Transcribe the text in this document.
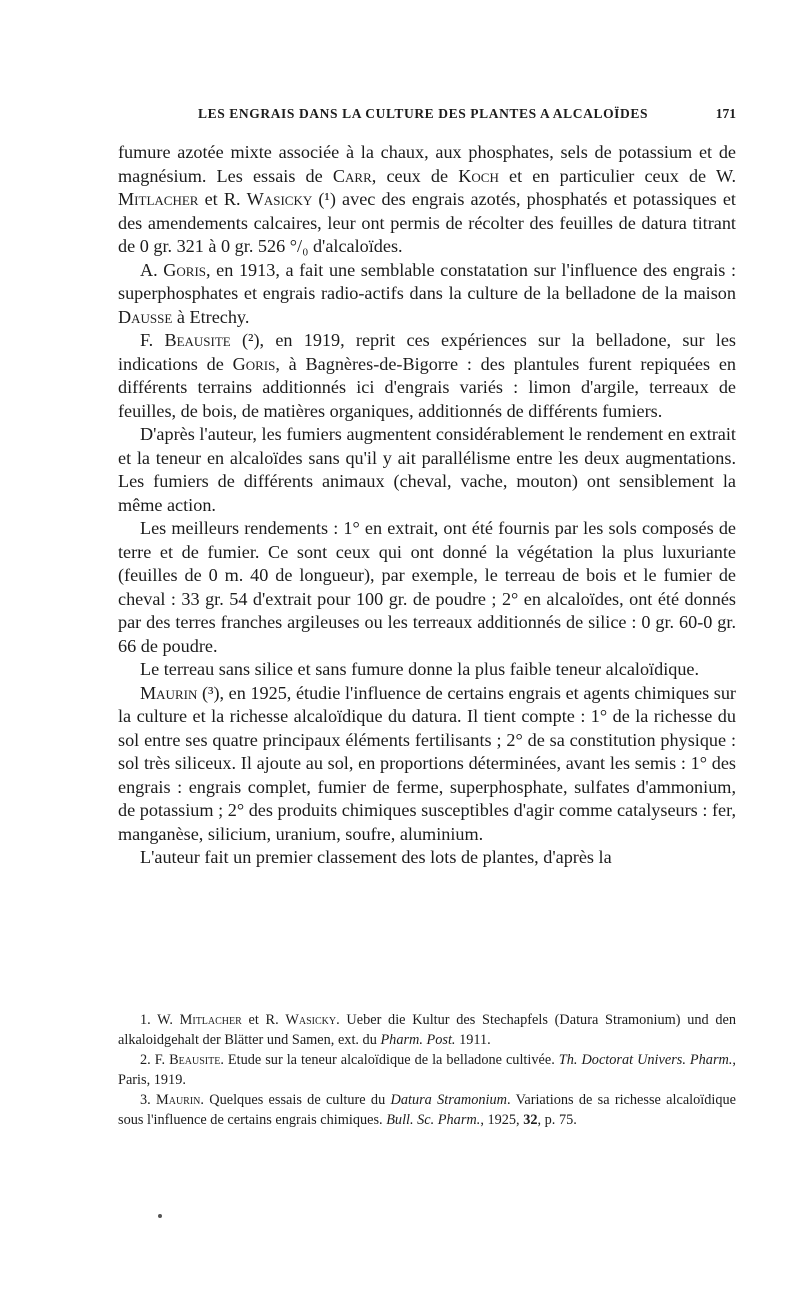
LES ENGRAIS DANS LA CULTURE DES PLANTES A ALCALOÏDES	171

fumure azotée mixte associée à la chaux, aux phosphates, sels de potassium et de magnésium. Les essais de Carr, ceux de Koch et en particulier ceux de W. Mitlacher et R. Wasicky (¹) avec des engrais azotés, phosphatés et potassiques et des amendements calcaires, leur ont permis de récolter des feuilles de datura titrant de 0 gr. 321 à 0 gr. 526 °/₀ d'alcaloïdes.

A. Goris, en 1913, a fait une semblable constatation sur l'influence des engrais : superphosphates et engrais radio-actifs dans la culture de la belladone de la maison Dausse à Etrechy.

F. Beausite (²), en 1919, reprit ces expériences sur la belladone, sur les indications de Goris, à Bagnères-de-Bigorre : des plantules furent repiquées en différents terrains additionnés ici d'engrais variés : limon d'argile, terreaux de feuilles, de bois, de matières organiques, additionnés de différents fumiers.

D'après l'auteur, les fumiers augmentent considérablement le rendement en extrait et la teneur en alcaloïdes sans qu'il y ait parallélisme entre les deux augmentations. Les fumiers de différents animaux (cheval, vache, mouton) ont sensiblement la même action.

Les meilleurs rendements : 1° en extrait, ont été fournis par les sols composés de terre et de fumier. Ce sont ceux qui ont donné la végétation la plus luxuriante (feuilles de 0 m. 40 de longueur), par exemple, le terreau de bois et le fumier de cheval : 33 gr. 54 d'extrait pour 100 gr. de poudre ; 2° en alcaloïdes, ont été donnés par des terres franches argileuses ou les terreaux additionnés de silice : 0 gr. 60-0 gr. 66 de poudre.

Le terreau sans silice et sans fumure donne la plus faible teneur alcaloïdique.

Maurin (³), en 1925, étudie l'influence de certains engrais et agents chimiques sur la culture et la richesse alcaloïdique du datura. Il tient compte : 1° de la richesse du sol entre ses quatre principaux éléments fertilisants ; 2° de sa constitution physique : sol très siliceux. Il ajoute au sol, en proportions déterminées, avant les semis : 1° des engrais : engrais complet, fumier de ferme, superphosphate, sulfates d'ammonium, de potassium ; 2° des produits chimiques susceptibles d'agir comme catalyseurs : fer, manganèse, silicium, uranium, soufre, aluminium.

L'auteur fait un premier classement des lots de plantes, d'après la

1. W. Mitlacher et R. Wasicky. Ueber die Kultur des Stechapfels (Datura Stramonium) und den alkaloidgehalt der Blätter und Samen, ext. du Pharm. Post. 1911.

2. F. Beausite. Etude sur la teneur alcaloïdique de la belladone cultivée. Th. Doctorat Univers. Pharm., Paris, 1919.

3. Maurin. Quelques essais de culture du Datura Stramonium. Variations de sa richesse alcaloïdique sous l'influence de certains engrais chimiques. Bull. Sc. Pharm., 1925, 32, p. 75.
